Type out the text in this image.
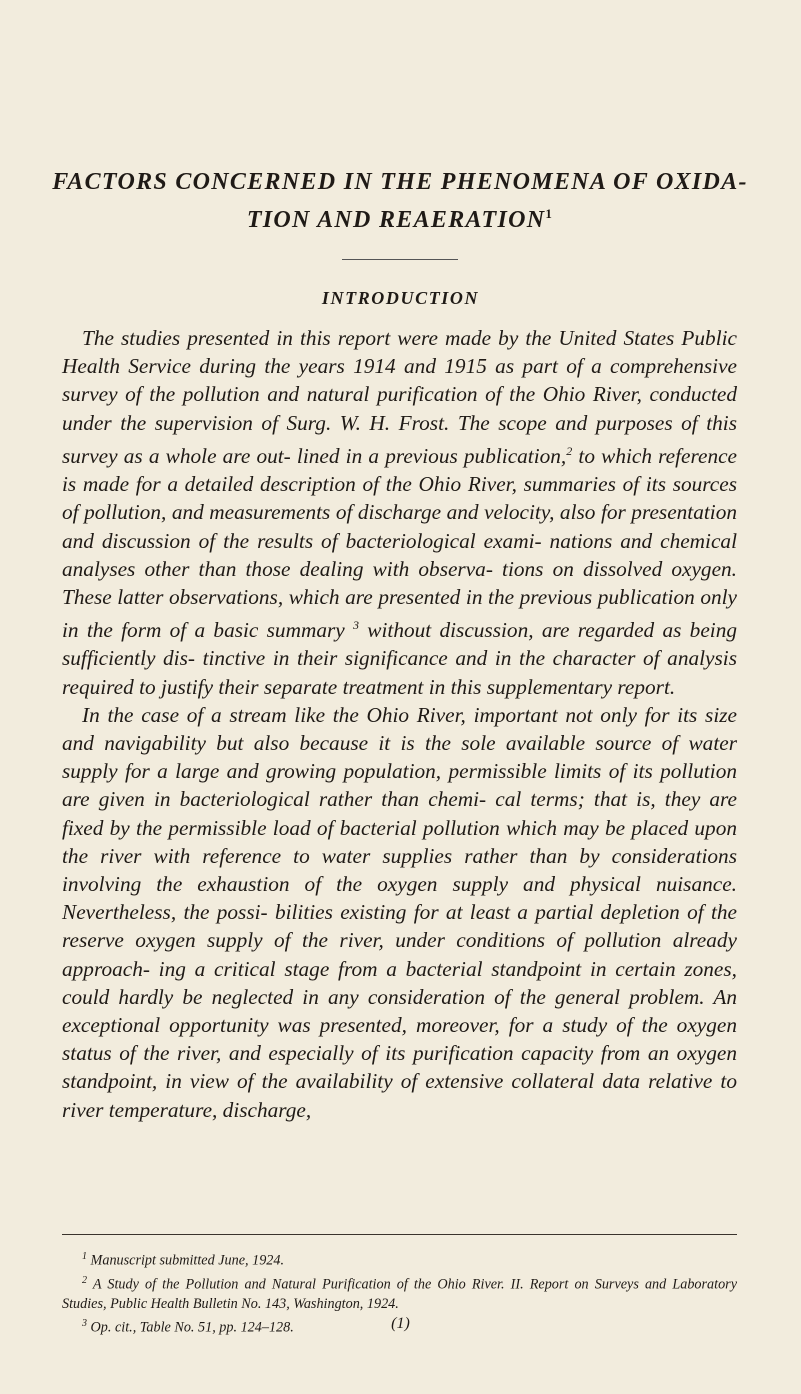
FACTORS CONCERNED IN THE PHENOMENA OF OXIDA- TION AND REAERATION$^1$
INTRODUCTION

The studies presented in this report were made by the United States Public Health Service during the years 1914 and 1915 as part of a comprehensive survey of the pollution and natural purification of the Ohio River, conducted under the supervision of Surg. W. H. Frost. The scope and purposes of this survey as a whole are out- lined in a previous publication,$^2$ to which reference is made for a detailed description of the Ohio River, summaries of its sources of pollution, and measurements of discharge and velocity, also for presentation and discussion of the results of bacteriological exami- nations and chemical analyses other than those dealing with observa- tions on dissolved oxygen. These latter observations, which are presented in the previous publication only in the form of a basic summary $^3$ without discussion, are regarded as being sufficiently dis- tinctive in their significance and in the character of analysis required to justify their separate treatment in this supplementary report.

In the case of a stream like the Ohio River, important not only for its size and navigability but also because it is the sole available source of water supply for a large and growing population, permissible limits of its pollution are given in bacteriological rather than chemi- cal terms; that is, they are fixed by the permissible load of bacterial pollution which may be placed upon the river with reference to water supplies rather than by considerations involving the exhaustion of the oxygen supply and physical nuisance. Nevertheless, the possi- bilities existing for at least a partial depletion of the reserve oxygen supply of the river, under conditions of pollution already approach- ing a critical stage from a bacterial standpoint in certain zones, could hardly be neglected in any consideration of the general problem. An exceptional opportunity was presented, moreover, for a study of the oxygen status of the river, and especially of its purification capacity from an oxygen standpoint, in view of the availability of extensive collateral data relative to river temperature, discharge,

$^1$ Manuscript submitted June, 1924.

$^2$ A Study of the Pollution and Natural Purification of the Ohio River. II. Report on Surveys and Laboratory Studies, Public Health Bulletin No. 143, Washington, 1924.

$^3$ Op. cit., Table No. 51, pp. 124–128.	(1)
